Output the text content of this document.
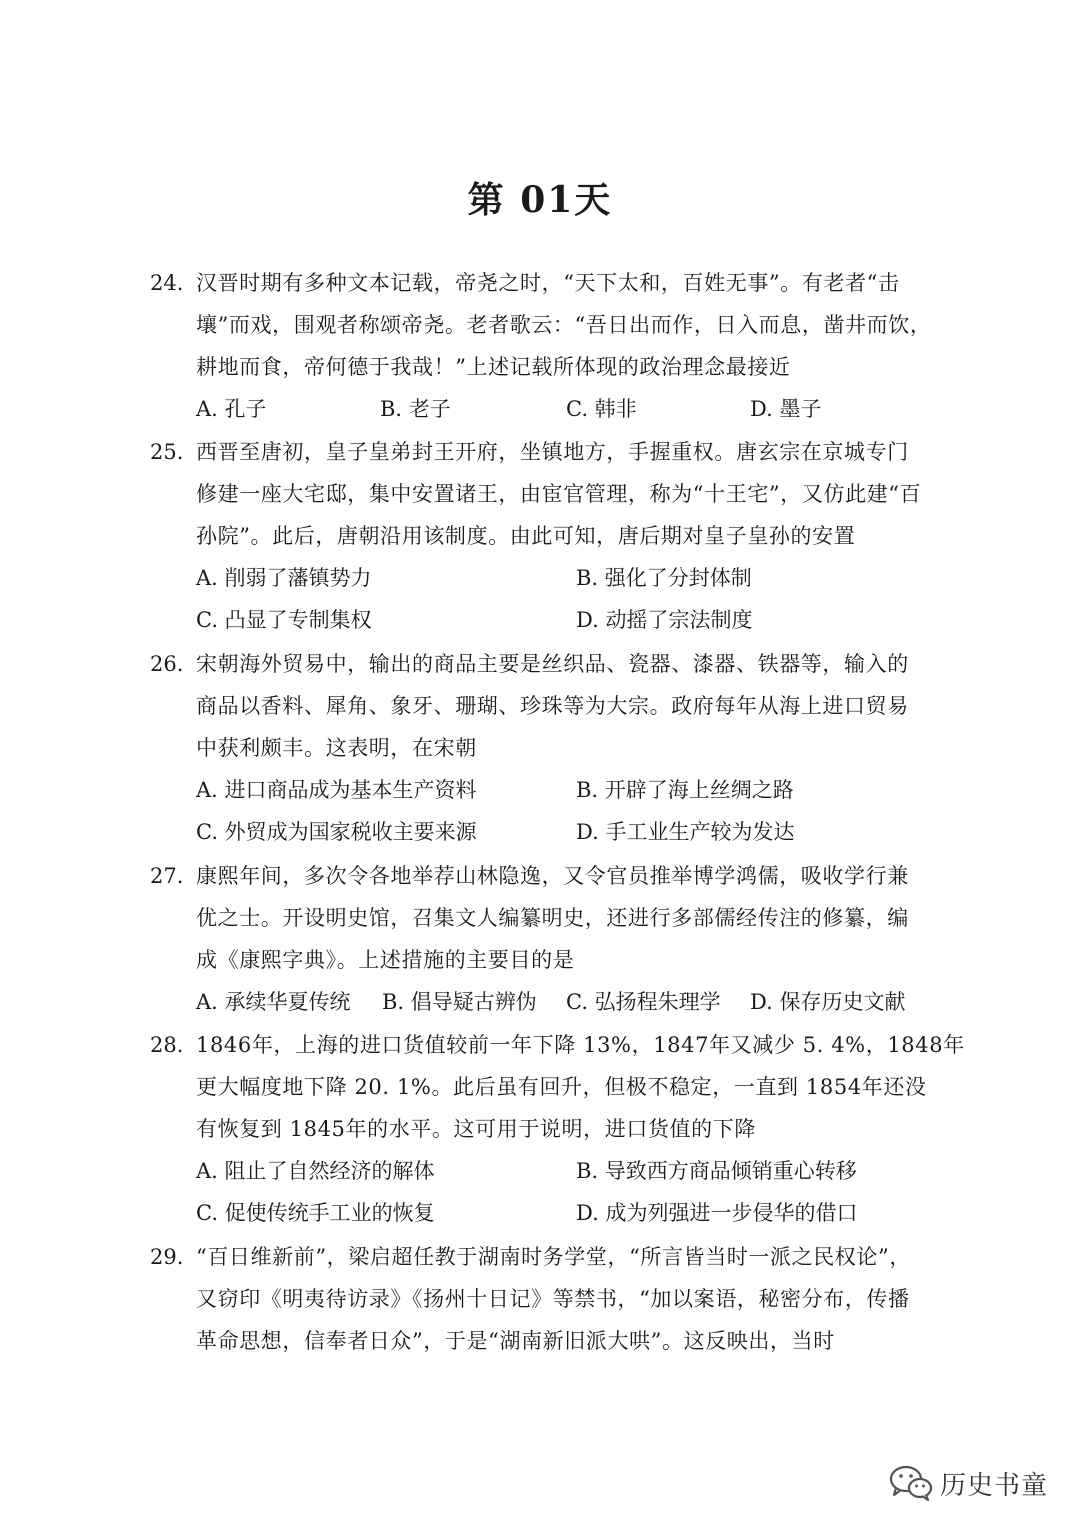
第 01天
24. 汉晋时期有多种文本记载，帝尧之时，“天下太和，百姓无事”。有老者“击
壤”而戏，围观者称颂帝尧。老者歌云：“吾日出而作，日入而息，凿井而饮，
耕地而食，帝何德于我哉！”上述记载所体现的政治理念最接近
A. 孔子	B. 老子	C. 韩非	D. 墨子
25. 西晋至唐初，皇子皇弟封王开府，坐镇地方，手握重权。唐玄宗在京城专门
修建一座大宅邸，集中安置诸王，由宦官管理，称为“十王宅”，又仿此建“百
孙院”。此后，唐朝沿用该制度。由此可知，唐后期对皇子皇孙的安置
A. 削弱了藩镇势力	B. 强化了分封体制
C. 凸显了专制集权	D. 动摇了宗法制度
26. 宋朝海外贸易中，输出的商品主要是丝织品、瓷器、漆器、铁器等，输入的
商品以香料、犀角、象牙、珊瑚、珍珠等为大宗。政府每年从海上进口贸易
中获利颇丰。这表明，在宋朝
A. 进口商品成为基本生产资料	B. 开辟了海上丝绸之路
C. 外贸成为国家税收主要来源	D. 手工业生产较为发达
27. 康熙年间，多次令各地举荐山林隐逸，又令官员推举博学鸿儒，吸收学行兼
优之士。开设明史馆，召集文人编纂明史，还进行多部儒经传注的修纂，编
成《康熙字典》。上述措施的主要目的是
A. 承续华夏传统 B. 倡导疑古辨伪 C. 弘扬程朱理学 D. 保存历史文献
28. 1846年，上海的进口货值较前一年下降 13%，1847年又减少 5. 4%，1848年
更大幅度地下降 20. 1%。此后虽有回升，但极不稳定，一直到 1854年还没
有恢复到 1845年的水平。这可用于说明，进口货值的下降
A. 阻止了自然经济的解体	B. 导致西方商品倾销重心转移
C. 促使传统手工业的恢复	D. 成为列强进一步侵华的借口
29. “百日维新前”，梁启超任教于湖南时务学堂，“所言皆当时一派之民权论”，
又窃印《明夷待访录》《扬州十日记》等禁书，“加以案语，秘密分布，传播
革命思想，信奉者日众”，于是“湖南新旧派大哄”。这反映出，当时
历史书童
